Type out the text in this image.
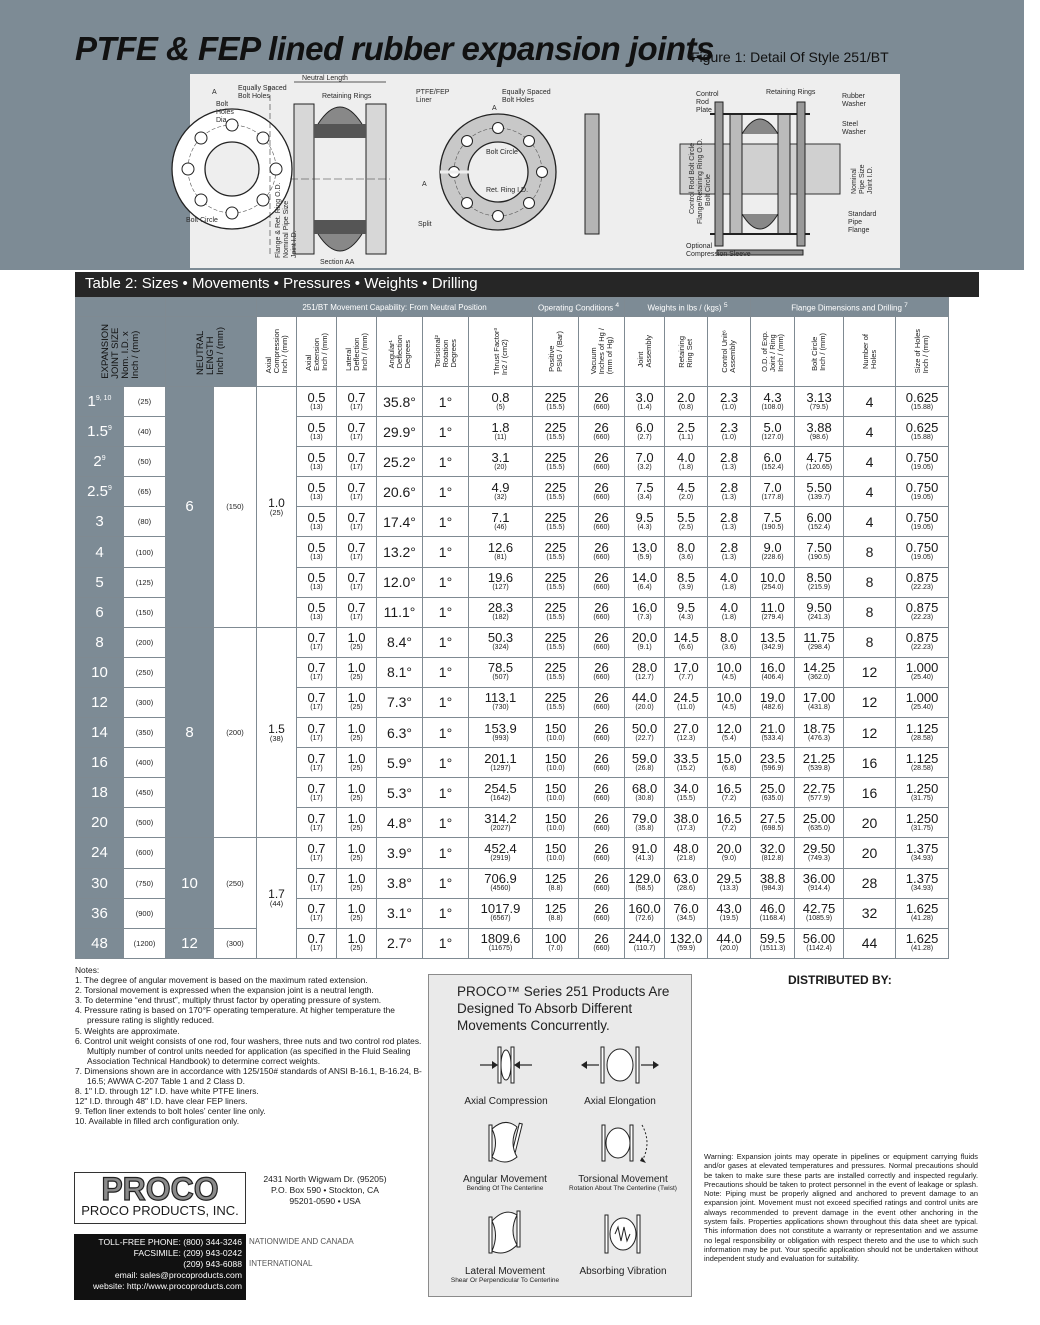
PTFE & FEP lined rubber expansion joints
Figure 1: Detail Of Style 251/BT
A
Equally Spaced Bolt Holes
Bolt Holes Dia.
Bolt Circle
Neutral Length
Retaining Rings
PTFE/FEP Liner
Flange & Ret. Ring O.D. Nominal Pipe Size Joint I.D.
Section AA
A
Split
Bolt Circle
Ret. Ring I.D.
Equally Spaced Bolt Holes
A
Control Rod Plate
Retaining Rings
Rubber Washer
Steel Washer
Control Rod Bolt Circle Flange/Retaining Ring O.D. Bolt Circle	NominalPipe SizeJoint I.D.
Standard Pipe Flange
Optional Compression Sleeve
Table 2: Sizes • Movements • Pressures • Weights • Drilling
				251/BT Movement Capability: From Neutral Position						Operating Conditions $^4$		Weights in lbs / (kgs) $^5$			Flange Dimensions and Drilling $^7$

EXPANSION
JOINT SIZE
Nom. I.D. x
Inch / (mm)		NEUTRAL
LENGTH
Inch / (mm)		Axial
Compression
Inch / (mm)	Axial
Extension
Inch / (mm)	Lateral
Deflection
Inch / (mm)	Angular¹
Deflection
Degrees	Torsional²
Rotation
Degrees	Thrust Factor³
In2 / (cm2)	Positive
PSIG / (Bar)	Vacuum
Inches of Hg /
(mm of Hg)	Joint
Assembly	Retaining
Ring Set	Control Unit⁶
Assembly	O.D. of Exp.
Joint / Ring
Inch / (mm)	Bolt Circle
Inch / (mm)	Number of
Holes	Size of Holes
Inch / (mm)

1$^{9, 10}$	(25)	6	(150)	1.0
(25)	0.5
(13)	0.7
(17)	35.8°	1°	0.8
(5)	225
(15.5)	26
(660)	3.0
(1.4)	2.0
(0.8)	2.3
(1.0)	4.3
(108.0)	3.13
(79.5)	4	0.625
(15.88)

$1.5^9$	(40)				0.5
(13)	0.7
(17)	29.9°	1°	1.8
(11)	225
(15.5)	26
(660)	6.0
(2.7)	2.5
(1.1)	2.3
(1.0)	5.0
(127.0)	3.88
(98.6)	4	0.625
(15.88)

$2^9$	(50)				0.5
(13)	0.7
(17)	25.2°	1°	3.1
(20)	225
(15.5)	26
(660)	7.0
(3.2)	4.0
(1.8)	2.8
(1.3)	6.0
(152.4)	4.75
(120.65)	4	0.750
(19.05)

$2.5^9$	(65)				0.5
(13)	0.7
(17)	20.6°	1°	4.9
(32)	225
(15.5)	26
(660)	7.5
(3.4)	4.5
(2.0)	2.8
(1.3)	7.0
(177.8)	5.50
(139.7)	4	0.750
(19.05)

3	(80)				0.5
(13)	0.7
(17)	17.4°	1°	7.1
(46)	225
(15.5)	26
(660)	9.5
(4.3)	5.5
(2.5)	2.8
(1.3)	7.5
(190.5)	6.00
(152.4)	4	0.750
(19.05)

4	(100)				0.5
(13)	0.7
(17)	13.2°	1°	12.6
(81)	225
(15.5)	26
(660)	13.0
(5.9)	8.0
(3.6)	2.8
(1.3)	9.0
(228.6)	7.50
(190.5)	8	0.750
(19.05)

5	(125)				0.5
(13)	0.7
(17)	12.0°	1°	19.6
(127)	225
(15.5)	26
(660)	14.0
(6.4)	8.5
(3.9)	4.0
(1.8)	10.0
(254.0)	8.50
(215.9)	8	0.875
(22.23)

6	(150)				0.5
(13)	0.7
(17)	11.1°	1°	28.3
(182)	225
(15.5)	26
(660)	16.0
(7.3)	9.5
(4.3)	4.0
(1.8)	11.0
(279.4)	9.50
(241.3)	8	0.875
(22.23)

8	(200)	8	(200)	1.5
(38)	0.7
(17)	1.0
(25)	8.4°	1°	50.3
(324)	225
(15.5)	26
(660)	20.0
(9.1)	14.5
(6.6)	8.0
(3.6)	13.5
(342.9)	11.75
(298.4)	8	0.875
(22.23)

10	(250)				0.7
(17)	1.0
(25)	8.1°	1°	78.5
(507)	225
(15.5)	26
(660)	28.0
(12.7)	17.0
(7.7)	10.0
(4.5)	16.0
(406.4)	14.25
(362.0)	12	1.000
(25.40)

12	(300)				0.7
(17)	1.0
(25)	7.3°	1°	113.1
(730)	225
(15.5)	26
(660)	44.0
(20.0)	24.5
(11.0)	10.0
(4.5)	19.0
(482.6)	17.00
(431.8)	12	1.000
(25.40)

14	(350)				0.7
(17)	1.0
(25)	6.3°	1°	153.9
(993)	150
(10.0)	26
(660)	50.0
(22.7)	27.0
(12.3)	12.0
(5.4)	21.0
(533.4)	18.75
(476.3)	12	1.125
(28.58)

16	(400)				0.7
(17)	1.0
(25)	5.9°	1°	201.1
(1297)	150
(10.0)	26
(660)	59.0
(26.8)	33.5
(15.2)	15.0
(6.8)	23.5
(596.9)	21.25
(539.8)	16	1.125
(28.58)

18	(450)				0.7
(17)	1.0
(25)	5.3°	1°	254.5
(1642)	150
(10.0)	26
(660)	68.0
(30.8)	34.0
(15.5)	16.5
(7.2)	25.0
(635.0)	22.75
(577.9)	16	1.250
(31.75)

20	(500)				0.7
(17)	1.0
(25)	4.8°	1°	314.2
(2027)	150
(10.0)	26
(660)	79.0
(35.8)	38.0
(17.3)	16.5
(7.2)	27.5
(698.5)	25.00
(635.0)	20	1.250
(31.75)

24	(600)	10	(250)	1.7
(44)	0.7
(17)	1.0
(25)	3.9°	1°	452.4
(2919)	150
(10.0)	26
(660)	91.0
(41.3)	48.0
(21.8)	20.0
(9.0)	32.0
(812.8)	29.50
(749.3)	20	1.375
(34.93)

30	(750)				0.7
(17)	1.0
(25)	3.8°	1°	706.9
(4560)	125
(8.8)	26
(660)	129.0
(58.5)	63.0
(28.6)	29.5
(13.3)	38.8
(984.3)	36.00
(914.4)	28	1.375
(34.93)

36	(900)				0.7
(17)	1.0
(25)	3.1°	1°	1017.9
(6567)	125
(8.8)	26
(660)	160.0
(72.6)	76.0
(34.5)	43.0
(19.5)	46.0
(1168.4)	42.75
(1085.9)	32	1.625
(41.28)

48	(1200)	12	(300)		0.7
(17)	1.0
(25)	2.7°	1°	1809.6
(11675)	100
(7.0)	26
(660)	244.0
(110.7)	132.0
(59.9)	44.0
(20.0)	59.5
(1511.3)	56.00
(1142.4)	44	1.625
(41.28)
Notes:
1. The degree of angular movement is based on the maximum rated extension.
2. Torsional movement is expressed when the expansion joint is a neutral length.
3. To determine “end thrust”, multiply thrust factor by operating pressure of system.
4. Pressure rating is based on 170°F operating temperature. At higher temperature the pressure rating is slightly reduced.
5. Weights are approximate.
6. Control unit weight consists of one rod, four washers, three nuts and two control rod plates. Multiply number of control units needed for application (as specified in the Fluid Sealing Association Technical Handbook) to determine correct weights.
7. Dimensions shown are in accordance with 125/150# standards of ANSI B-16.1, B-16.24, B-16.5; AWWA C-207 Table 1 and 2 Class D.
8. 1" I.D. through 12" I.D. have white PTFE liners.
12" I.D. through 48" I.D. have clear FEP liners.
9. Teflon liner extends to bolt holes’ center line only.
10. Available in filled arch configuration only.
PROCO™ Series 251 Products Are Designed To Absorb Different Movements Concurrently.
Axial Compression	Axial Elongation
Angular Movement
Bending Of The Centerline
Torsional Movement
Rotation About The Centerline (Twist)
Lateral Movement
Shear Or Perpendicular To Centerline
Absorbing Vibration
DISTRIBUTED BY:
Warning: Expansion joints may operate in pipelines or equipment carrying fluids and/or gases at elevated temperatures and pressures. Normal precautions should be taken to make sure these parts are installed correctly and inspected regularly. Precautions should be taken to protect personnel in the event of leakage or splash. Note: Piping must be properly aligned and anchored to prevent damage to an expansion joint. Movement must not exceed specified ratings and control units are always recommended to prevent damage in the event other anchoring in the system fails. Properties applications shown throughout this data sheet are typical. This information does not constitute a warranty or representation and we assume no legal responsibility or obligation with respect thereto and the use to which such information may be put. Your specific application should not be undertaken without independent study and evaluation for suitability.
PROCO
PROCO PRODUCTS, INC.
2431 North Wigwam Dr. (95205)
P.O. Box 590 • Stockton, CA
95201-0590 • USA
TOLL-FREE PHONE: (800) 344-3246
FACSIMILE: (209) 943-0242
(209) 943-6088
email: sales@procoproducts.com
website: http://www.procoproducts.com
NATIONWIDE AND CANADA
INTERNATIONAL
